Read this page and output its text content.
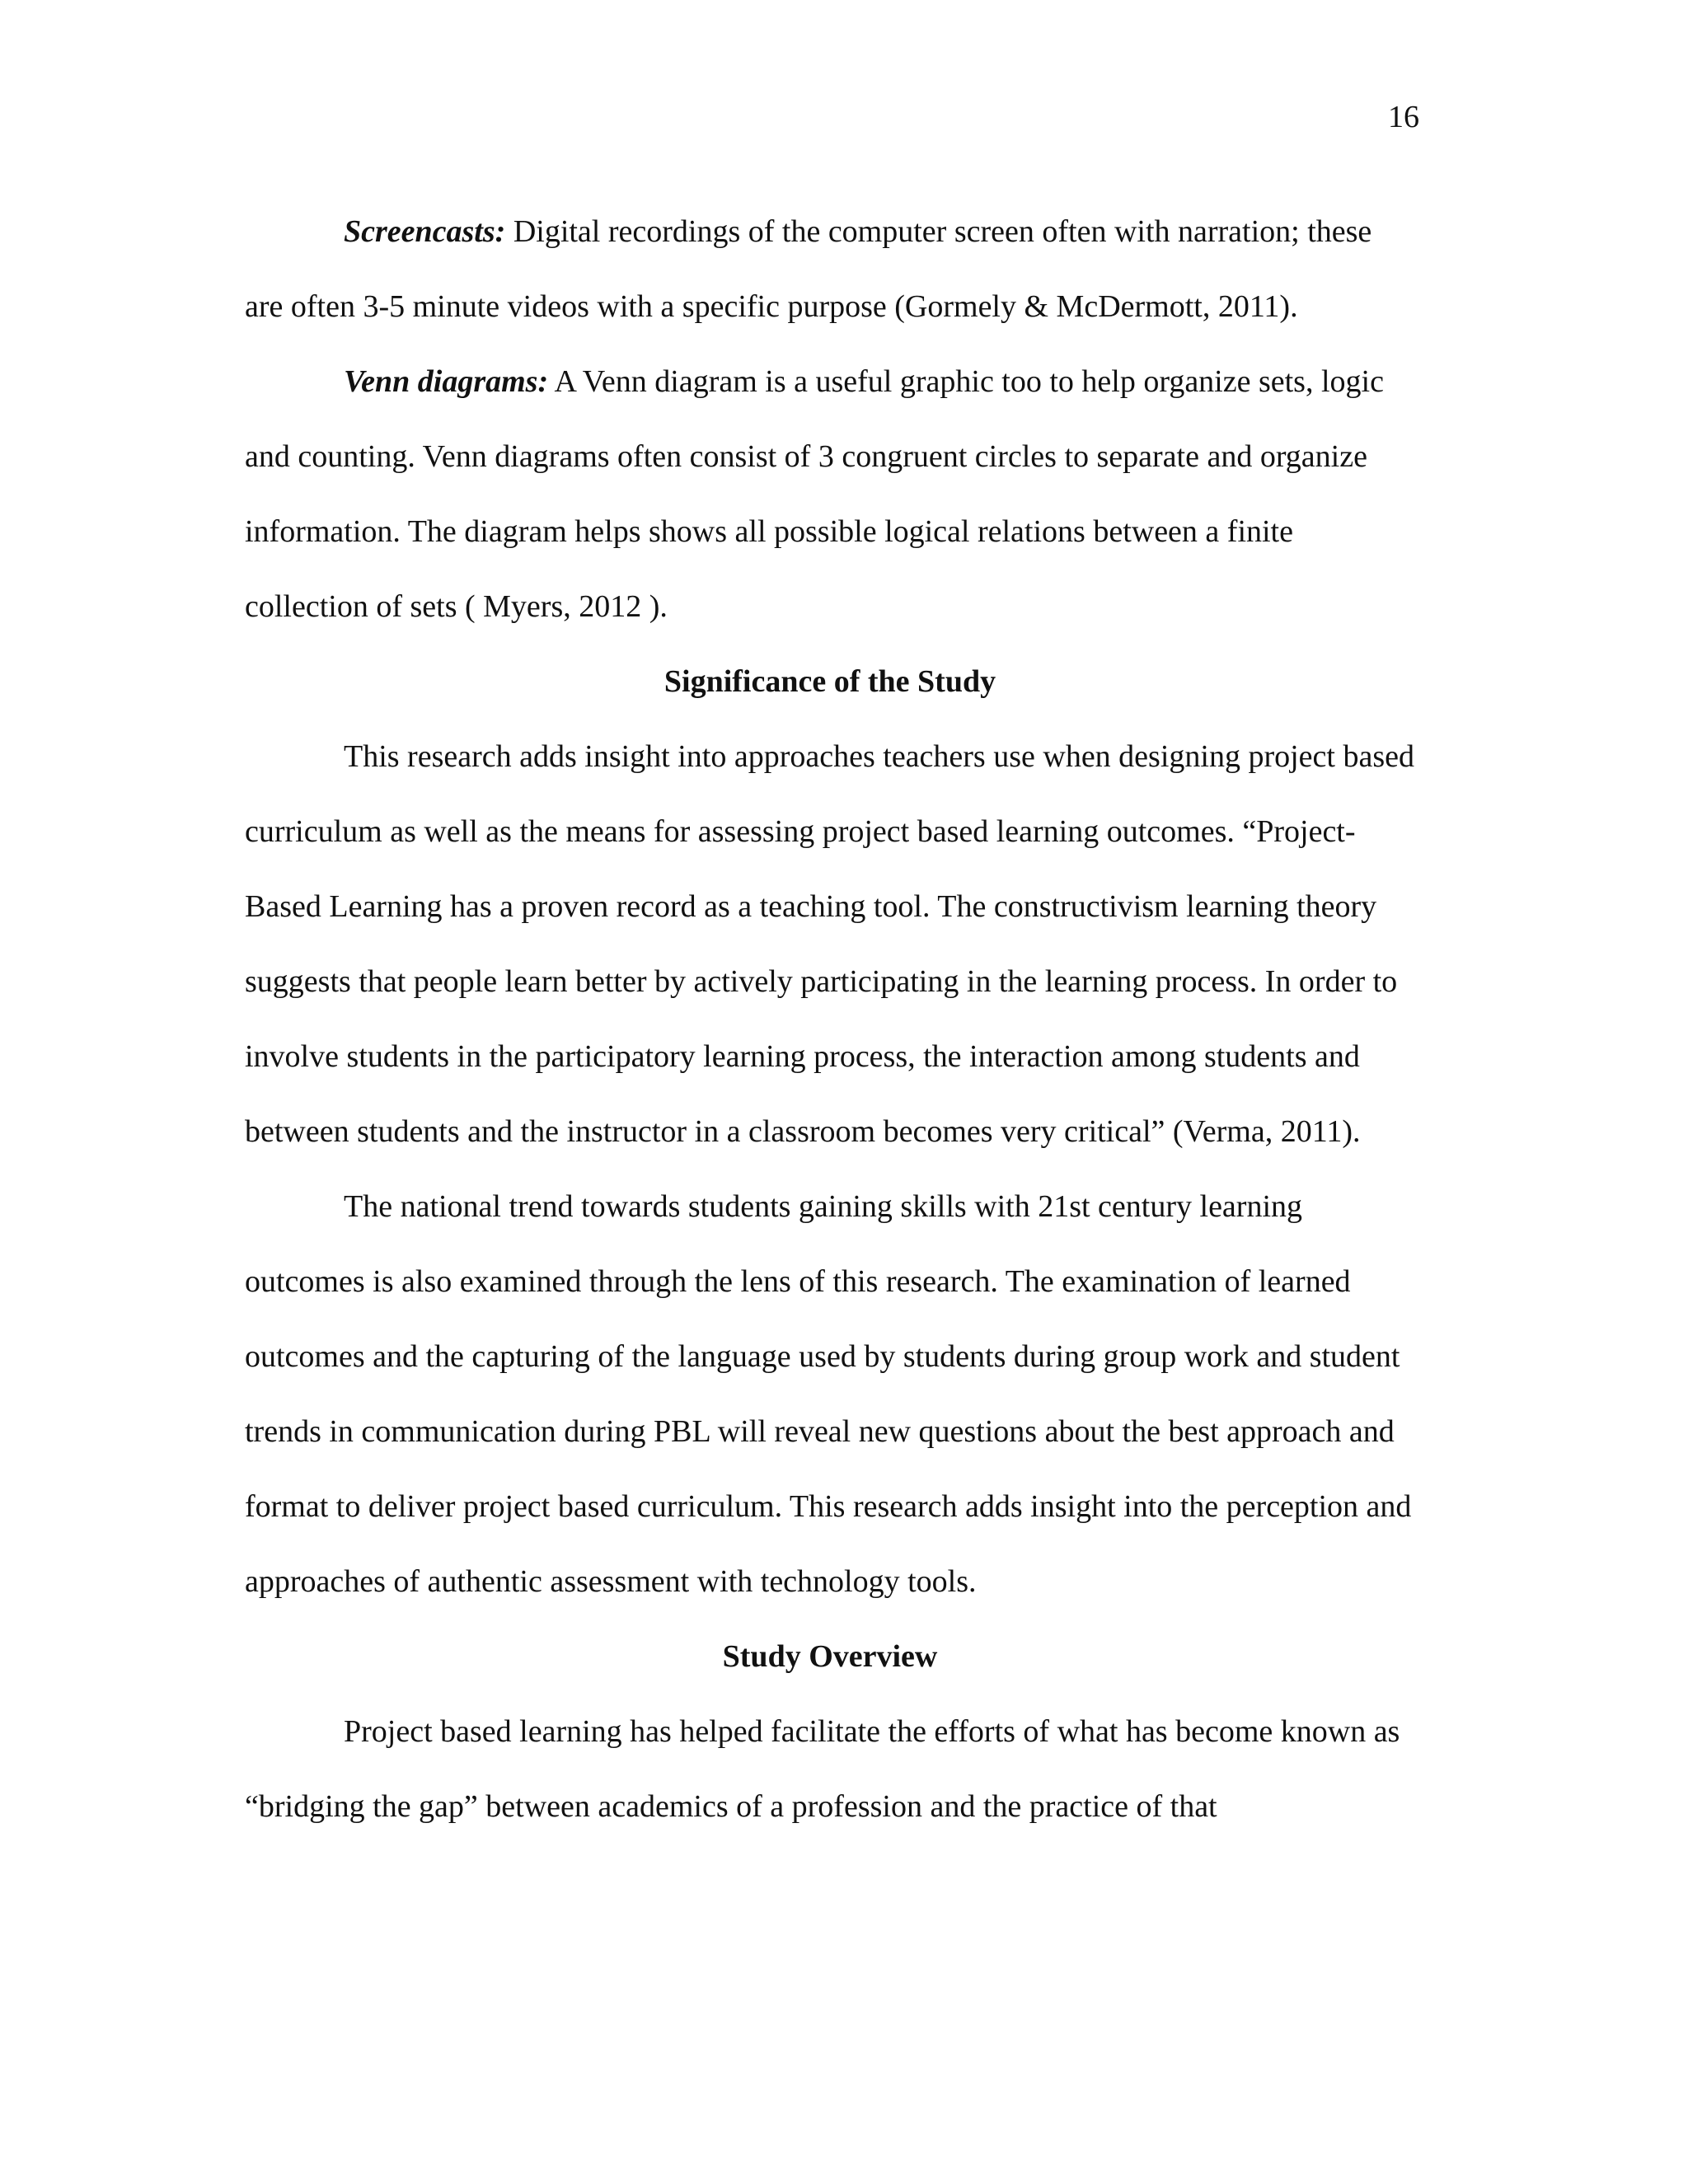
16

Screencasts: Digital recordings of the computer screen often with narration; these are often 3-5 minute videos with a specific purpose (Gormely & McDermott, 2011).

Venn diagrams: A Venn diagram is a useful graphic too to help organize sets, logic and counting. Venn diagrams often consist of 3 congruent circles to separate and organize information. The diagram helps shows all possible logical relations between a finite collection of sets ( Myers, 2012 ).

Significance of the Study

This research adds insight into approaches teachers use when designing project based curriculum as well as the means for assessing project based learning outcomes. “Project-Based Learning has a proven record as a teaching tool. The constructivism learning theory suggests that people learn better by actively participating in the learning process. In order to involve students in the participatory learning process, the interaction among students and between students and the instructor in a classroom becomes very critical” (Verma, 2011).

The national trend towards students gaining skills with 21st century learning outcomes is also examined through the lens of this research. The examination of learned outcomes and the capturing of the language used by students during group work and student trends in communication during PBL will reveal new questions about the best approach and format to deliver project based curriculum. This research adds insight into the perception and approaches of authentic assessment with technology tools.

Study Overview

Project based learning has helped facilitate the efforts of what has become known as “bridging the gap” between academics of a profession and the practice of that
